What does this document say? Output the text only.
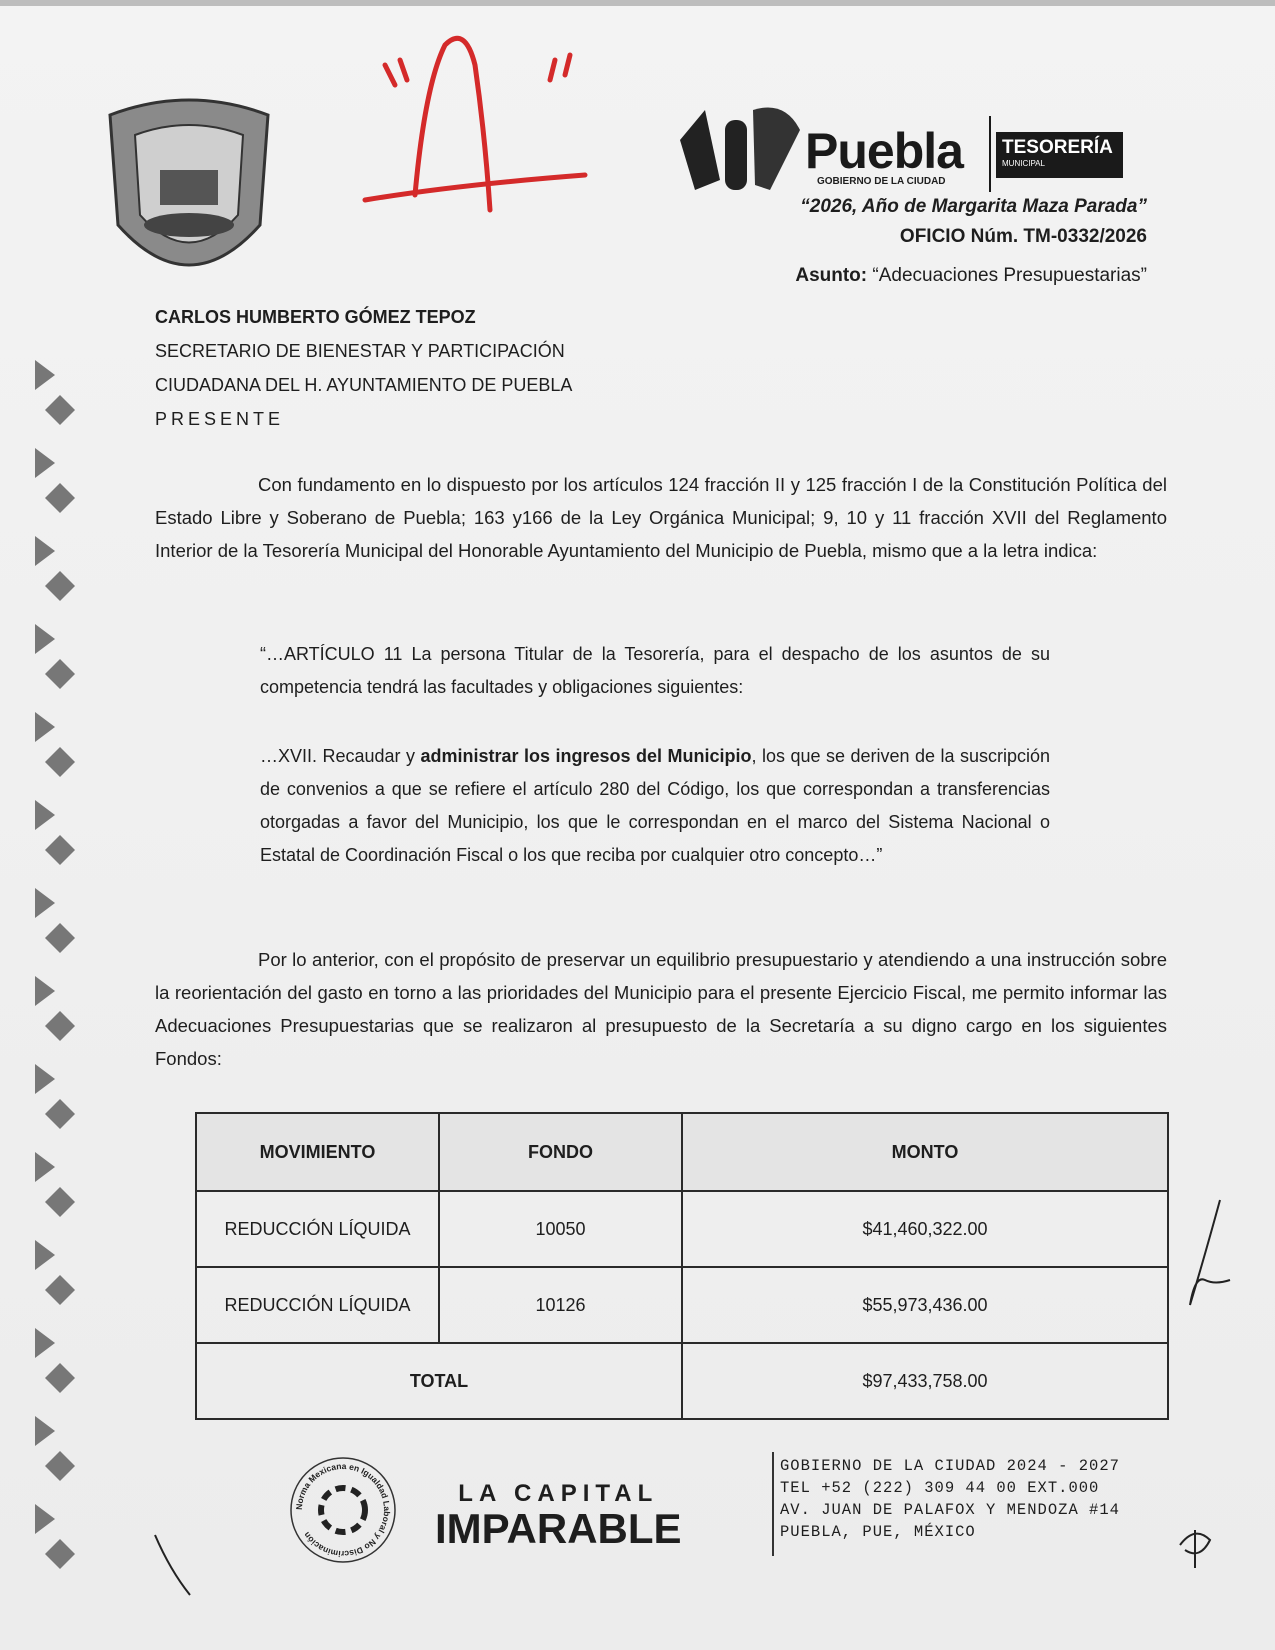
Puebla
GOBIERNO DE LA CIUDAD
TESORERÍA
MUNICIPAL
“2026, Año de Margarita Maza Parada”
OFICIO Núm. TM-0332/2026
Asunto: “Adecuaciones Presupuestarias”
CARLOS HUMBERTO GÓMEZ TEPOZ
SECRETARIO DE BIENESTAR Y PARTICIPACIÓN
CIUDADANA DEL H. AYUNTAMIENTO DE PUEBLA
PRESENTE
Con fundamento en lo dispuesto por los artículos 124 fracción II y 125 fracción I de la Constitución Política del Estado Libre y Soberano de Puebla; 163 y166 de la Ley Orgánica Municipal; 9, 10 y 11 fracción XVII del Reglamento Interior de la Tesorería Municipal del Honorable Ayuntamiento del Municipio de Puebla, mismo que a la letra indica:
“…ARTÍCULO 11 La persona Titular de la Tesorería, para el despacho de los asuntos de su competencia tendrá las facultades y obligaciones siguientes:
…XVII. Recaudar y administrar los ingresos del Municipio, los que se deriven de la suscripción de convenios a que se refiere el artículo 280 del Código, los que correspondan a transferencias otorgadas a favor del Municipio, los que le correspondan en el marco del Sistema Nacional o Estatal de Coordinación Fiscal o los que reciba por cualquier otro concepto…”
Por lo anterior, con el propósito de preservar un equilibrio presupuestario y atendiendo a una instrucción sobre la reorientación del gasto en torno a las prioridades del Municipio para el presente Ejercicio Fiscal, me permito informar las Adecuaciones Presupuestarias que se realizaron al presupuesto de la Secretaría a su digno cargo en los siguientes Fondos:
MOVIMIENTO	FONDO	MONTO
REDUCCIÓN LÍQUIDA	10050	$41,460,322.00
REDUCCIÓN LÍQUIDA	10126	$55,973,436.00
TOTAL		$97,433,758.00
Norma Mexicana en Igualdad Laboral y No Discriminación
LA CAPITAL
IMPARABLE
GOBIERNO DE LA CIUDAD 2024 - 2027
TEL +52 (222) 309 44 00 EXT.000
AV. JUAN DE PALAFOX Y MENDOZA #14
PUEBLA, PUE, MÉXICO
